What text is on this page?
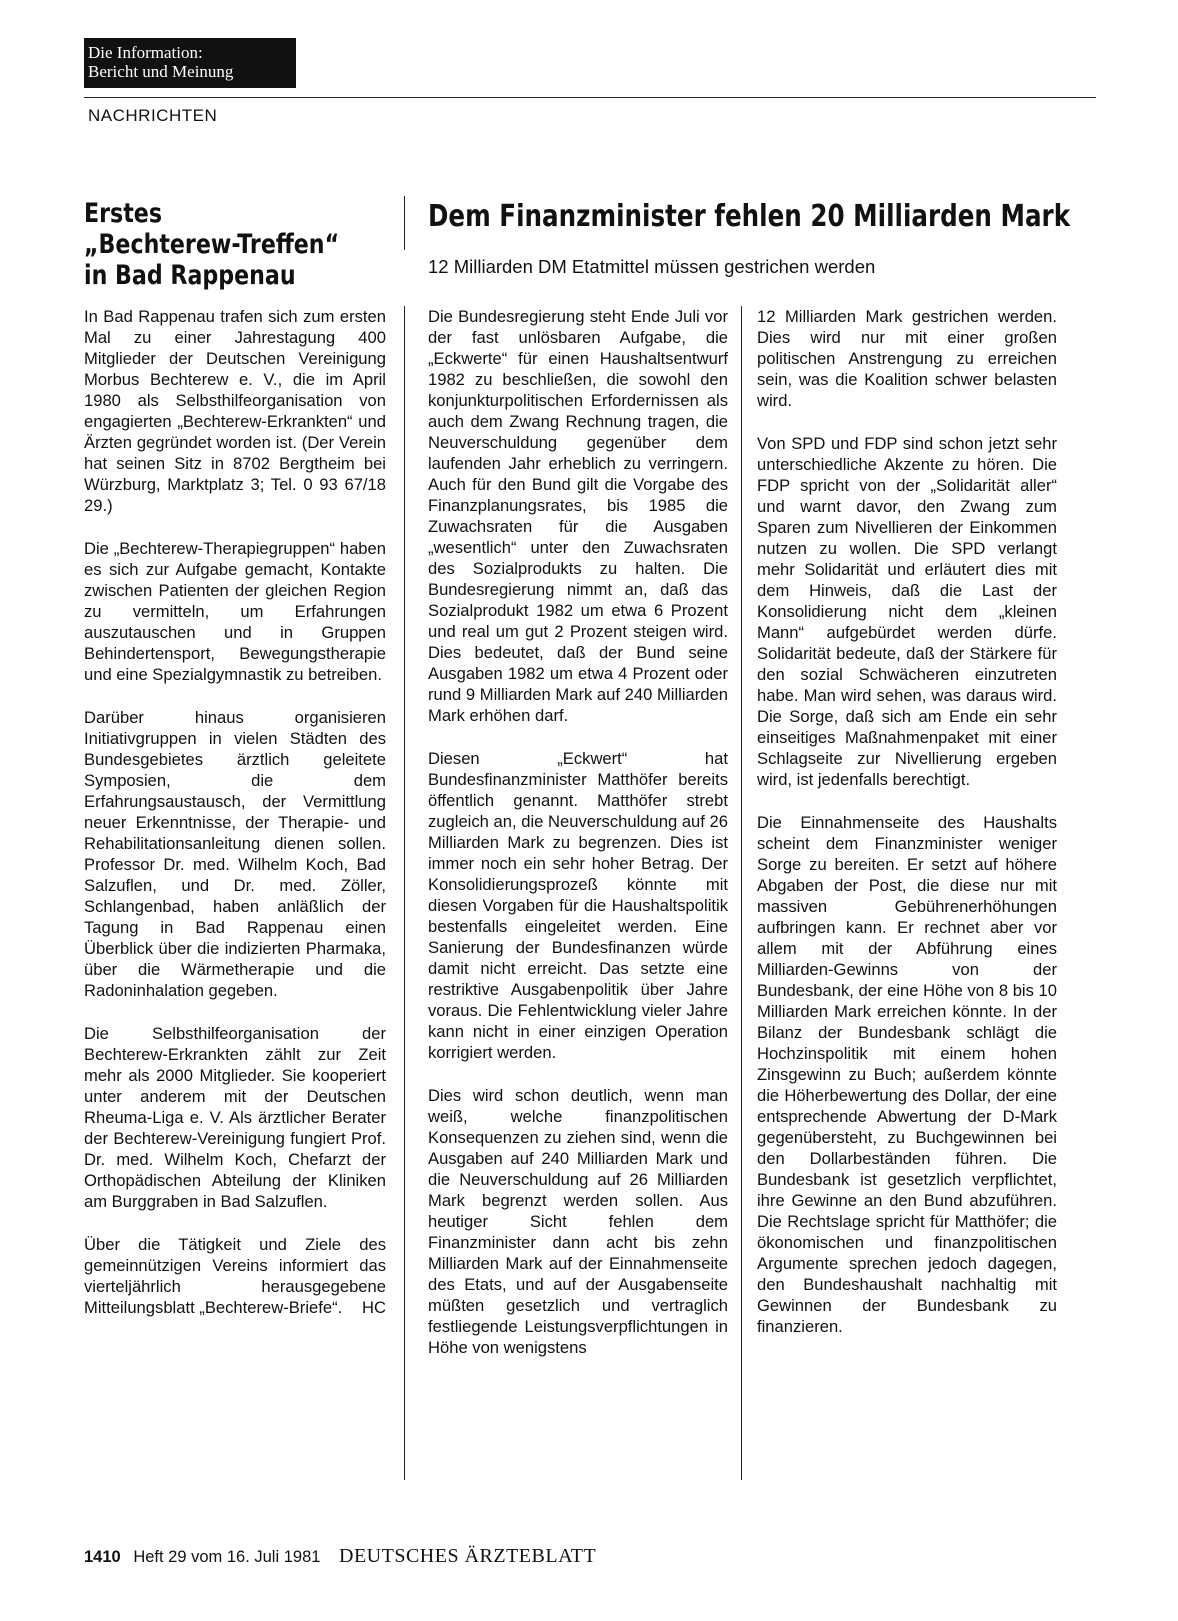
Die Information:
Bericht und Meinung
NACHRICHTEN
Erstes
„Bechterew-Treffen“
in Bad Rappenau
Dem Finanzminister fehlen 20 Milliarden Mark
12 Milliarden DM Etatmittel müssen gestrichen werden

In Bad Rappenau trafen sich zum ersten Mal zu einer Jahrestagung 400 Mitglieder der Deutschen Vereinigung Morbus Bechterew e. V., die im April 1980 als Selbsthilfeorganisation von engagierten „Bechterew-Erkrankten“ und Ärzten gegründet worden ist. (Der Verein hat seinen Sitz in 8702 Bergtheim bei Würzburg, Marktplatz 3; Tel. 0 93 67/18 29.)

Die „Bechterew-Therapiegruppen“ haben es sich zur Aufgabe gemacht, Kontakte zwischen Patienten der gleichen Region zu vermitteln, um Erfahrungen auszutauschen und in Gruppen Behindertensport, Bewegungstherapie und eine Spezialgymnastik zu betreiben.

Darüber hinaus organisieren Initiativgruppen in vielen Städten des Bundesgebietes ärztlich geleitete Symposien, die dem Erfahrungsaustausch, der Vermittlung neuer Erkenntnisse, der Therapie- und Rehabilitationsanleitung dienen sollen. Professor Dr. med. Wilhelm Koch, Bad Salzuflen, und Dr. med. Zöller, Schlangenbad, haben anläßlich der Tagung in Bad Rappenau einen Überblick über die indizierten Pharmaka, über die Wärmetherapie und die Radoninhalation gegeben.

Die Selbsthilfeorganisation der Bechterew-Erkrankten zählt zur Zeit mehr als 2000 Mitglieder. Sie kooperiert unter anderem mit der Deutschen Rheuma-Liga e. V. Als ärztlicher Berater der Bechterew-Vereinigung fungiert Prof. Dr. med. Wilhelm Koch, Chefarzt der Orthopädischen Abteilung der Kliniken am Burggraben in Bad Salzuflen.

Über die Tätigkeit und Ziele des gemeinnützigen Vereins informiert das vierteljährlich herausgegebene Mitteilungsblatt „Bechterew-Briefe“. HC

Die Bundesregierung steht Ende Juli vor der fast unlösbaren Aufgabe, die „Eckwerte“ für einen Haushaltsentwurf 1982 zu beschließen, die sowohl den konjunkturpolitischen Erfordernissen als auch dem Zwang Rechnung tragen, die Neuverschuldung gegenüber dem laufenden Jahr erheblich zu verringern. Auch für den Bund gilt die Vorgabe des Finanzplanungsrates, bis 1985 die Zuwachsraten für die Ausgaben „wesentlich“ unter den Zuwachsraten des Sozialprodukts zu halten. Die Bundesregierung nimmt an, daß das Sozialprodukt 1982 um etwa 6 Prozent und real um gut 2 Prozent steigen wird. Dies bedeutet, daß der Bund seine Ausgaben 1982 um etwa 4 Prozent oder rund 9 Milliarden Mark auf 240 Milliarden Mark erhöhen darf.

Diesen „Eckwert“ hat Bundesfinanzminister Matthöfer bereits öffentlich genannt. Matthöfer strebt zugleich an, die Neuverschuldung auf 26 Milliarden Mark zu begrenzen. Dies ist immer noch ein sehr hoher Betrag. Der Konsolidierungsprozeß könnte mit diesen Vorgaben für die Haushaltspolitik bestenfalls eingeleitet werden. Eine Sanierung der Bundesfinanzen würde damit nicht erreicht. Das setzte eine restriktive Ausgabenpolitik über Jahre voraus. Die Fehlentwicklung vieler Jahre kann nicht in einer einzigen Operation korrigiert werden.

Dies wird schon deutlich, wenn man weiß, welche finanzpolitischen Konsequenzen zu ziehen sind, wenn die Ausgaben auf 240 Milliarden Mark und die Neuverschuldung auf 26 Milliarden Mark begrenzt werden sollen. Aus heutiger Sicht fehlen dem Finanzminister dann acht bis zehn Milliarden Mark auf der Einnahmenseite des Etats, und auf der Ausgabenseite müßten gesetzlich und vertraglich festliegende Leistungsverpflichtungen in Höhe von wenigstens

12 Milliarden Mark gestrichen werden. Dies wird nur mit einer großen politischen Anstrengung zu erreichen sein, was die Koalition schwer belasten wird.

Von SPD und FDP sind schon jetzt sehr unterschiedliche Akzente zu hören. Die FDP spricht von der „Solidarität aller“ und warnt davor, den Zwang zum Sparen zum Nivellieren der Einkommen nutzen zu wollen. Die SPD verlangt mehr Solidarität und erläutert dies mit dem Hinweis, daß die Last der Konsolidierung nicht dem „kleinen Mann“ aufgebürdet werden dürfe. Solidarität bedeute, daß der Stärkere für den sozial Schwächeren einzutreten habe. Man wird sehen, was daraus wird. Die Sorge, daß sich am Ende ein sehr einseitiges Maßnahmenpaket mit einer Schlagseite zur Nivellierung ergeben wird, ist jedenfalls berechtigt.

Die Einnahmenseite des Haushalts scheint dem Finanzminister weniger Sorge zu bereiten. Er setzt auf höhere Abgaben der Post, die diese nur mit massiven Gebührenerhöhungen aufbringen kann. Er rechnet aber vor allem mit der Abführung eines Milliarden-Gewinns von der Bundesbank, der eine Höhe von 8 bis 10 Milliarden Mark erreichen könnte. In der Bilanz der Bundesbank schlägt die Hochzinspolitik mit einem hohen Zinsgewinn zu Buch; außerdem könnte die Höherbewertung des Dollar, der eine entsprechende Abwertung der D-Mark gegenübersteht, zu Buchgewinnen bei den Dollarbeständen führen. Die Bundesbank ist gesetzlich verpflichtet, ihre Gewinne an den Bund abzuführen. Die Rechtslage spricht für Matthöfer; die ökonomischen und finanzpolitischen Argumente sprechen jedoch dagegen, den Bundeshaushalt nachhaltig mit Gewinnen der Bundesbank zu finanzieren.

1410 Heft 29 vom 16. Juli 1981 DEUTSCHES ÄRZTEBLATT
